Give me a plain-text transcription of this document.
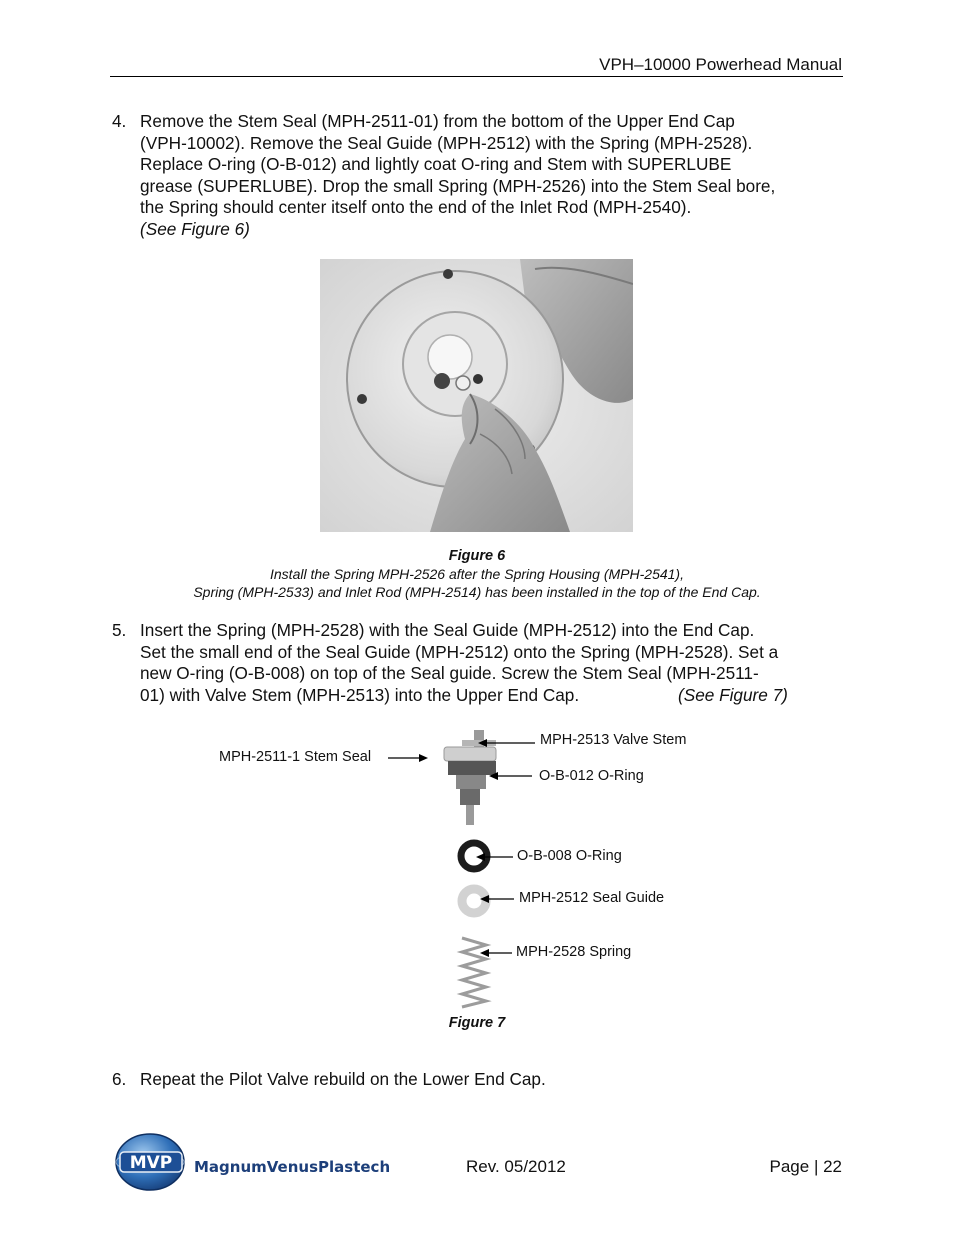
VPH–10000 Powerhead Manual
4. Remove the Stem Seal (MPH-2511-01) from the bottom of the Upper End Cap
(VPH-10002). Remove the Seal Guide (MPH-2512) with the Spring (MPH-2528).
Replace O-ring (O-B-012) and lightly coat O-ring and Stem with SUPERLUBE
grease (SUPERLUBE). Drop the small Spring (MPH-2526) into the Stem Seal bore,
the Spring should center itself onto the end of the Inlet Rod (MPH-2540).
(See Figure 6)
Figure 6
Install the Spring MPH-2526 after the Spring Housing (MPH-2541),
Spring (MPH-2533) and Inlet Rod (MPH-2514) has been installed in the top of the End Cap.
5. Insert the Spring (MPH-2528) with the Seal Guide (MPH-2512) into the End Cap.
Set the small end of the Seal Guide (MPH-2512) onto the Spring (MPH-2528). Set a
new O-ring (O-B-008) on top of the Seal guide. Screw the Stem Seal (MPH-2511-
01) with Valve Stem (MPH-2513) into the Upper End Cap.	(See Figure 7)
MPH-2513 Valve Stem
MPH-2511-1 Stem Seal
O-B-012 O-Ring
O-B-008 O-Ring
MPH-2512 Seal Guide
MPH-2528 Spring
Figure 7
6. Repeat the Pilot Valve rebuild on the Lower End Cap.
MVP MagnumVenusPlastech	Rev. 05/2012	Page | 22
